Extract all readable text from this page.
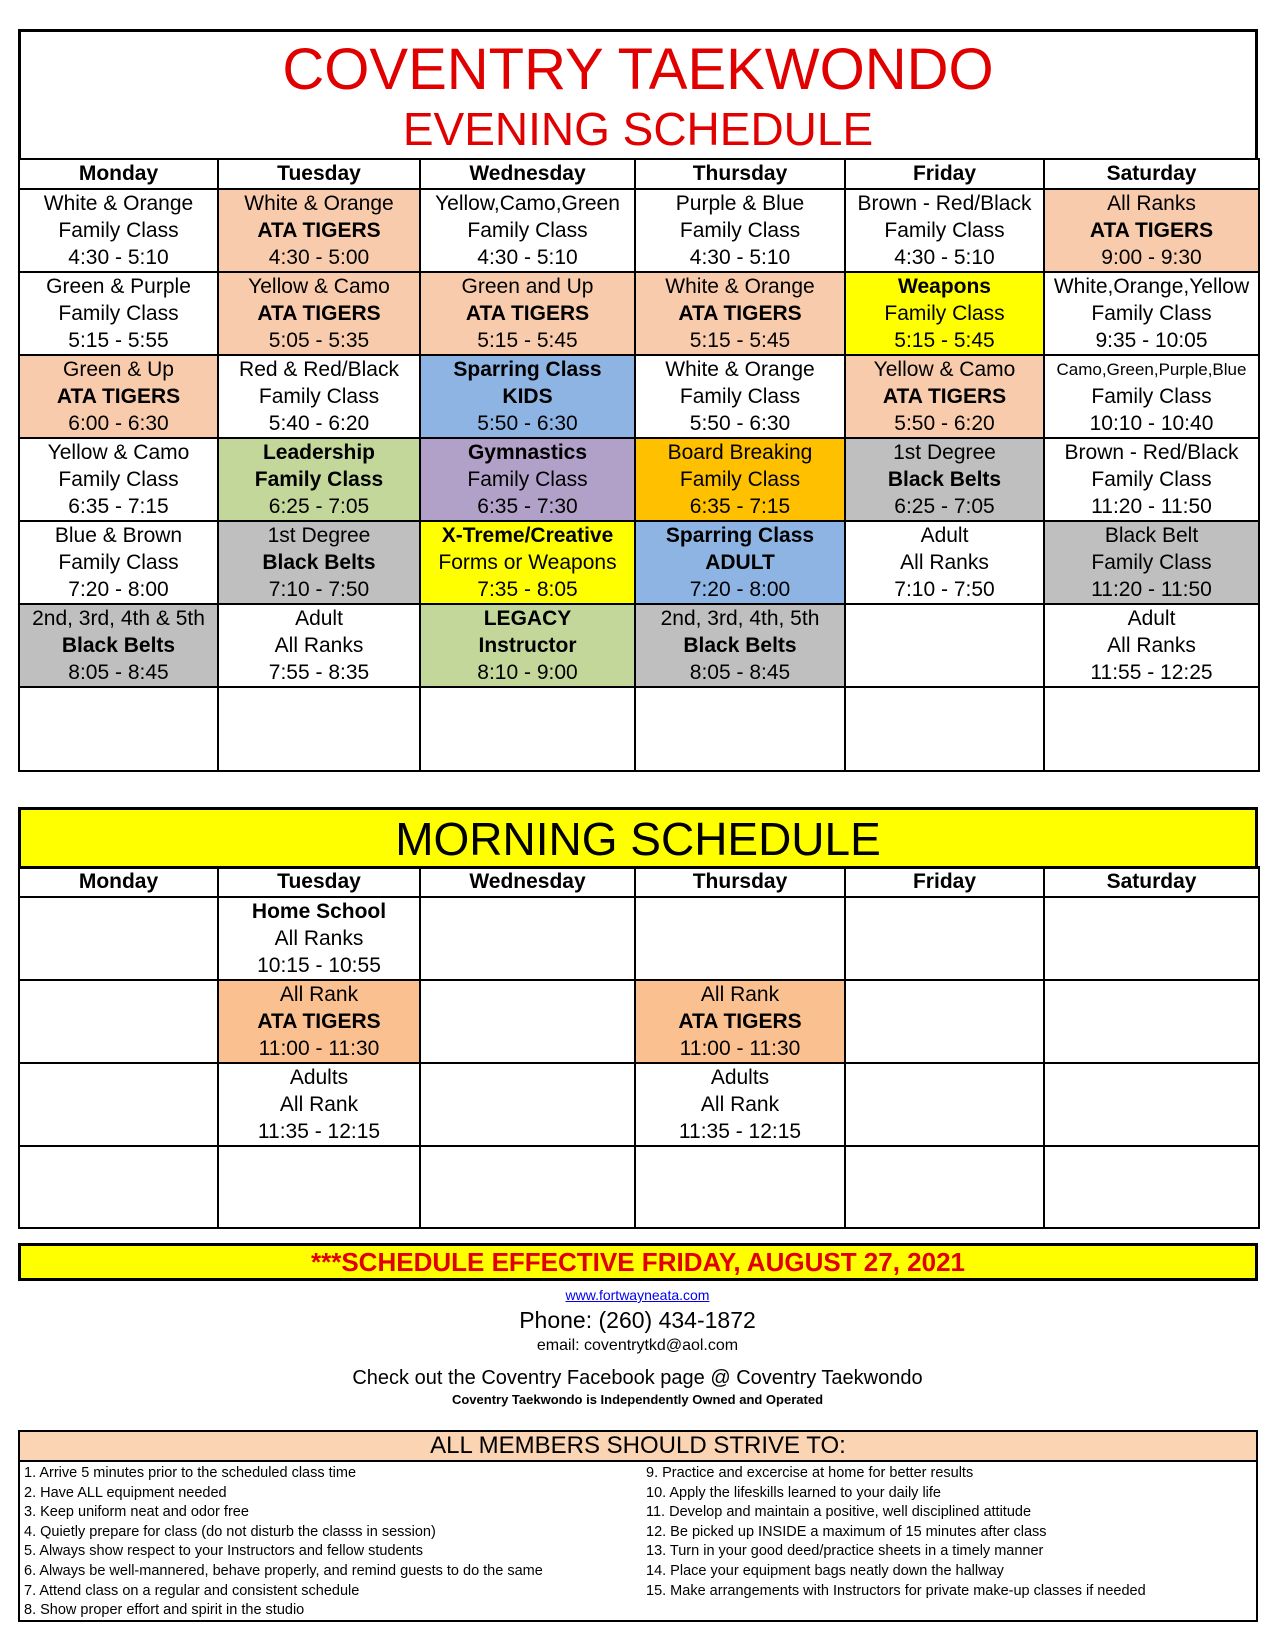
COVENTRY TAEKWONDO
EVENING SCHEDULE
Monday	Tuesday	Wednesday	Thursday	Friday	Saturday

White & Orange
Family Class
4:30 - 5:10	White & Orange
ATA TIGERS
4:30 - 5:00	Yellow,Camo,Green
Family Class
4:30 - 5:10	Purple & Blue
Family Class
4:30 - 5:10	Brown - Red/Black
Family Class
4:30 - 5:10	All Ranks
ATA TIGERS
9:00 - 9:30

Green & Purple
Family Class
5:15 - 5:55	Yellow & Camo
ATA TIGERS
5:05 - 5:35	Green and Up
ATA TIGERS
5:15 - 5:45	White & Orange
ATA TIGERS
5:15 - 5:45	Weapons
Family Class
5:15 - 5:45	White,Orange,Yellow
Family Class
9:35 - 10:05

Green & Up
ATA TIGERS
6:00 - 6:30	Red & Red/Black
Family Class
5:40 - 6:20	Sparring Class
KIDS
5:50 - 6:30	White & Orange
Family Class
5:50 - 6:30	Yellow & Camo
ATA TIGERS
5:50 - 6:20	Camo,Green,Purple,Blue
Family Class
10:10 - 10:40

Yellow & Camo
Family Class
6:35 - 7:15	Leadership
Family Class
6:25 - 7:05	Gymnastics
Family Class
6:35 - 7:30	Board Breaking
Family Class
6:35 - 7:15	1st Degree
Black Belts
6:25 - 7:05	Brown - Red/Black
Family Class
11:20 - 11:50

Blue & Brown
Family Class
7:20 - 8:00	1st Degree
Black Belts
7:10 - 7:50	X-Treme/Creative
Forms or Weapons
7:35 - 8:05	Sparring Class
ADULT
7:20 - 8:00	Adult
All Ranks
7:10 - 7:50	Black Belt
Family Class
11:20 - 11:50

2nd, 3rd, 4th & 5th
Black Belts
8:05 - 8:45	Adult
All Ranks
7:55 - 8:35	LEGACY
Instructor
8:10 - 9:00	2nd, 3rd, 4th, 5th
Black Belts
8:05 - 8:45		Adult
All Ranks
11:55 - 12:25

MORNING SCHEDULE
Monday	Tuesday	Wednesday	Thursday	Friday	Saturday

	Home School
All Ranks
10:15 - 10:55				

	All Rank
ATA TIGERS
11:00 - 11:30		All Rank
ATA TIGERS
11:00 - 11:30		

	Adults
All Rank
11:35 - 12:15		Adults
All Rank
11:35 - 12:15		

***SCHEDULE EFFECTIVE FRIDAY, AUGUST 27, 2021
www.fortwayneata.com
Phone: (260) 434-1872
email: coventrytkd@aol.com
Check out the Coventry Facebook page @ Coventry Taekwondo
Coventry Taekwondo is Independently Owned and Operated
ALL MEMBERS SHOULD STRIVE TO:
1. Arrive 5 minutes prior to the scheduled class time
2. Have ALL equipment needed
3. Keep uniform neat and odor free
4. Quietly prepare for class (do not disturb the classs in session)
5. Always show respect to your Instructors and fellow students
6. Always be well-mannered, behave properly, and remind guests to do the same
7. Attend class on a regular and consistent schedule
8. Show proper effort and spirit in the studio
9. Practice and excercise at home for better results
10. Apply the lifeskills learned to your daily life
11. Develop and maintain a positive, well disciplined attitude
12. Be picked up INSIDE a maximum of 15 minutes after class
13. Turn in your good deed/practice sheets in a timely manner
14. Place your equipment bags neatly down the hallway
15. Make arrangements with Instructors for private make-up classes if needed
